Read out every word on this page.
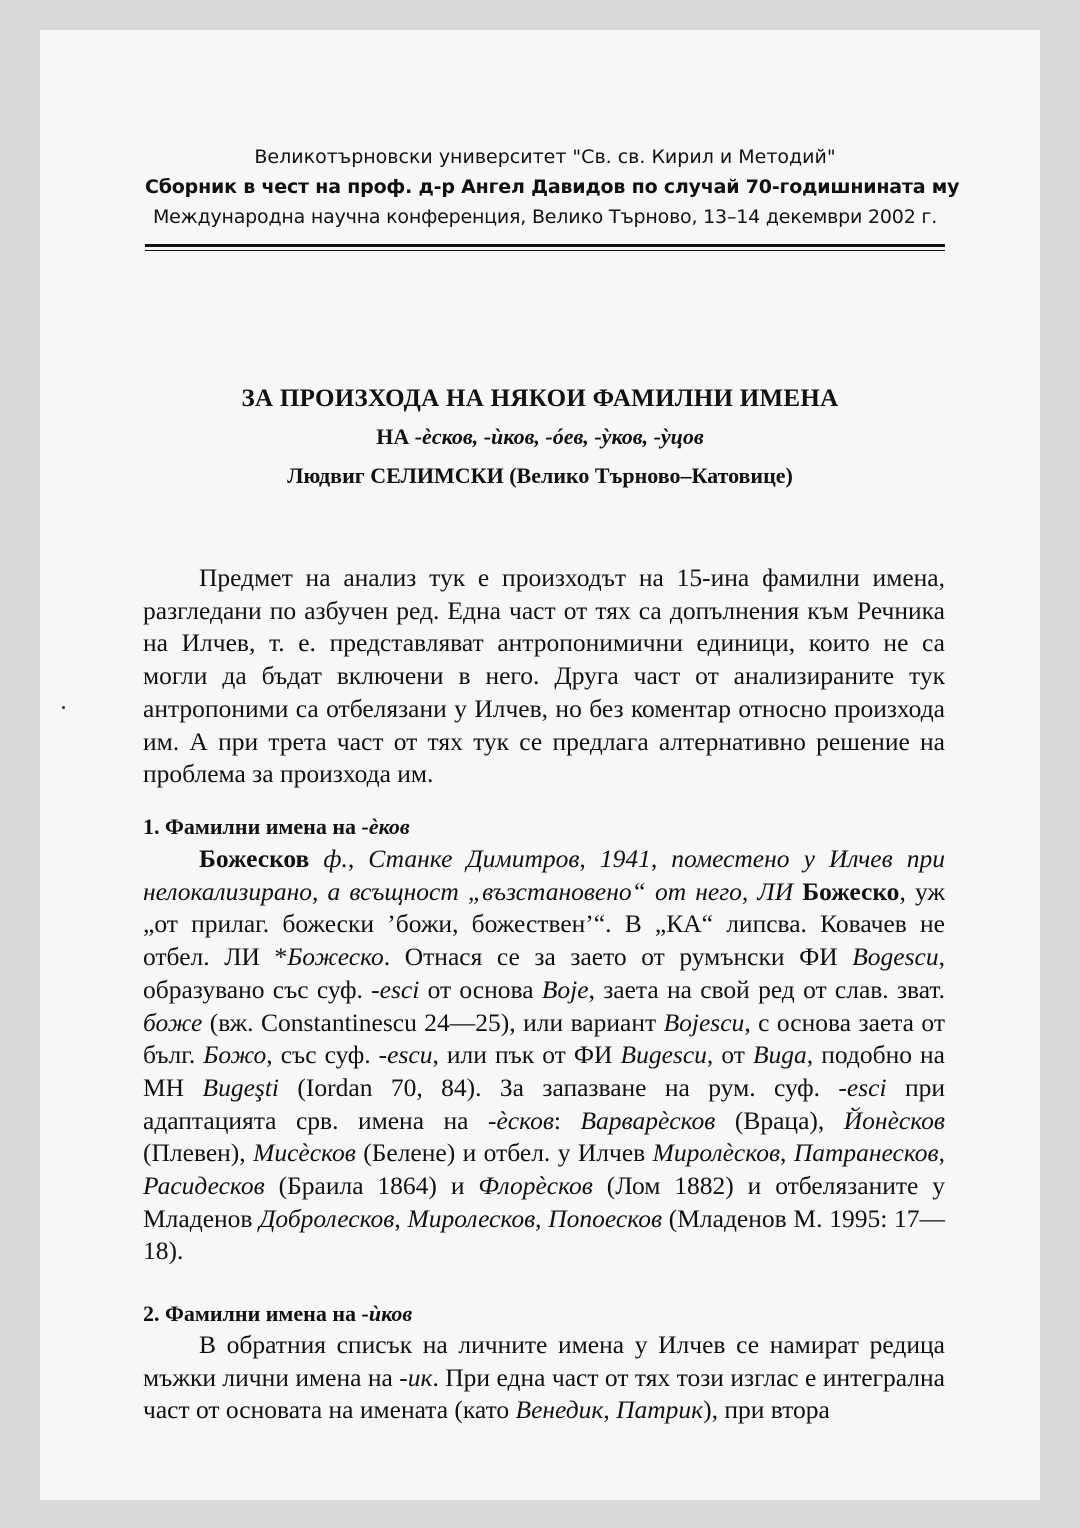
Великотърновски университет "Св. св. Кирил и Методий"
Сборник в чест на проф. д-р Ангел Давидов по случай 70-годишнината му
Международна научна конференция, Велико Търново, 13–14 декември 2002 г.
ЗА ПРОИЗХОДА НА НЯКОИ ФАМИЛНИ ИМЕНА
НА -èсков, -ùков, -óев, -ỳков, -ỳцов
Людвиг СЕЛИМСКИ (Велико Търново–Катовице)

Предмет на анализ тук е произходът на 15-ина фамилни имена, разгледани по азбучен ред. Една част от тях са допълнения към Речника на Илчев, т. е. представляват антропонимични единици, които не са могли да бъдат включени в него. Друга част от анализираните тук антропоними са отбелязани у Илчев, но без коментар относно произхода им. А при трета част от тях тук се предлага алтернативно решение на проблема за произхода им.

1. Фамилни имена на -èков

Божесков ф., Станке Димитров, 1941, поместено у Илчев при нелокализирано, а всъщност „възстановено“ от него, ЛИ Божеско, уж „от прилаг. божески ’божи, божествен’“. В „КА“ липсва. Ковачев не отбел. ЛИ *Божеско. Отнася се за заето от румънски ФИ Bogescu, образувано със суф. -esci от основа Boje, заета на свой ред от слав. зват. боже (вж. Constantinescu 24—25), или вариант Bojescu, с основа заета от бълг. Божо, със суф. -escu, или пък от ФИ Bugescu, от Buga, подобно на МН Bugeşti (Iordan 70, 84). За запазване на рум. суф. -esci при адаптацията срв. имена на -èсков: Варварèсков (Враца), Йонèсков (Плевен), Мисèсков (Белене) и отбел. у Илчев Миролèсков, Патранесков, Расидесков (Браила 1864) и Флорèсков (Лом 1882) и отбелязаните у Младенов Добролесков, Миролесков, Попоесков (Младенов М. 1995: 17—18).

2. Фамилни имена на -ùков

В обратния списък на личните имена у Илчев се намират редица мъжки лични имена на -ик. При една част от тях този изглас е интегрална част от основата на имената (като Венедик, Патрик), при втора
